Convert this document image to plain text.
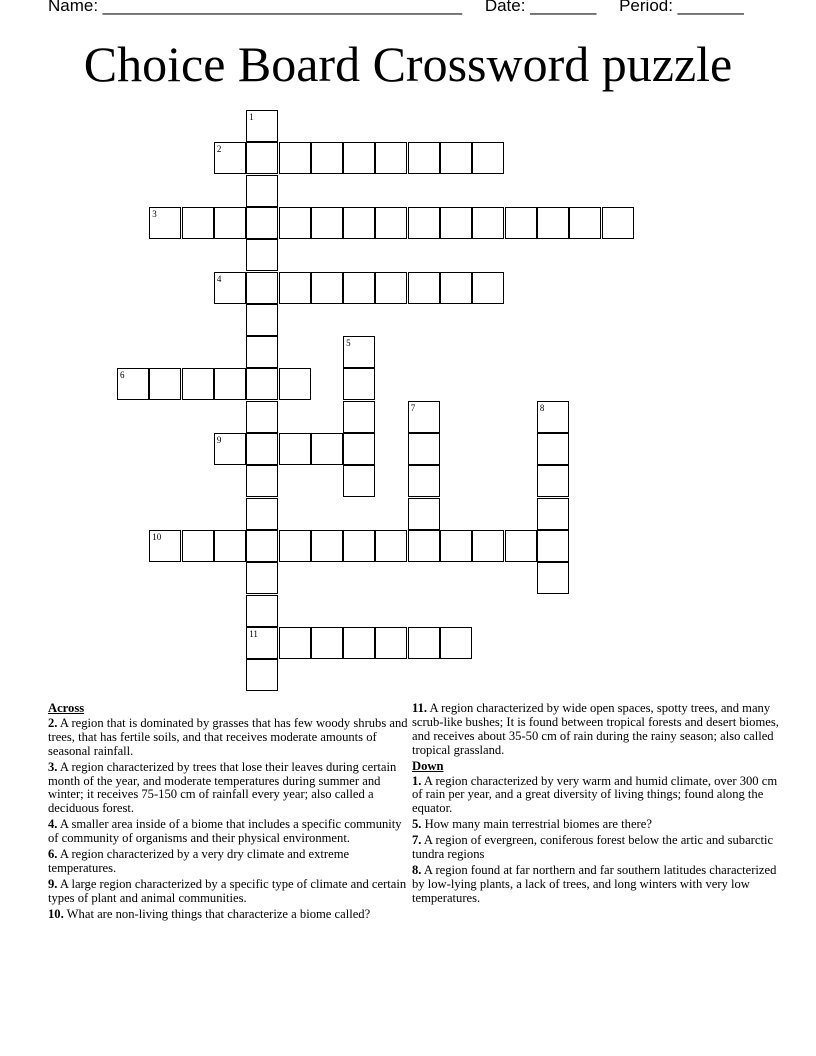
Name: ______________________________________ Date: _______ Period: _______
Choice Board Crossword puzzle
1
11
2
3
4
5
6
7	8
9
10
Across
2. A region that is dominated by grasses that has few woody shrubs and trees, that has fertile soils, and that receives moderate amounts of seasonal rainfall.
3. A region characterized by trees that lose their leaves during certain month of the year, and moderate temperatures during summer and winter; it receives 75-150 cm of rainfall every year; also called a deciduous forest.
4. A smaller area inside of a biome that includes a specific community of community of organisms and their physical environment.
6. A region characterized by a very dry climate and extreme temperatures.
9. A large region characterized by a specific type of climate and certain types of plant and animal communities.
10. What are non-living things that characterize a biome called?
11. A region characterized by wide open spaces, spotty trees, and many scrub-like bushes; It is found between tropical forests and desert biomes, and receives about 35-50 cm of rain during the rainy season; also called tropical grassland.
Down
1. A region characterized by very warm and humid climate, over 300 cm of rain per year, and a great diversity of living things; found along the equator.
5. How many main terrestrial biomes are there?
7. A region of evergreen, coniferous forest below the artic and subarctic tundra regions
8. A region found at far northern and far southern latitudes characterized by low-lying plants, a lack of trees, and long winters with very low temperatures.
